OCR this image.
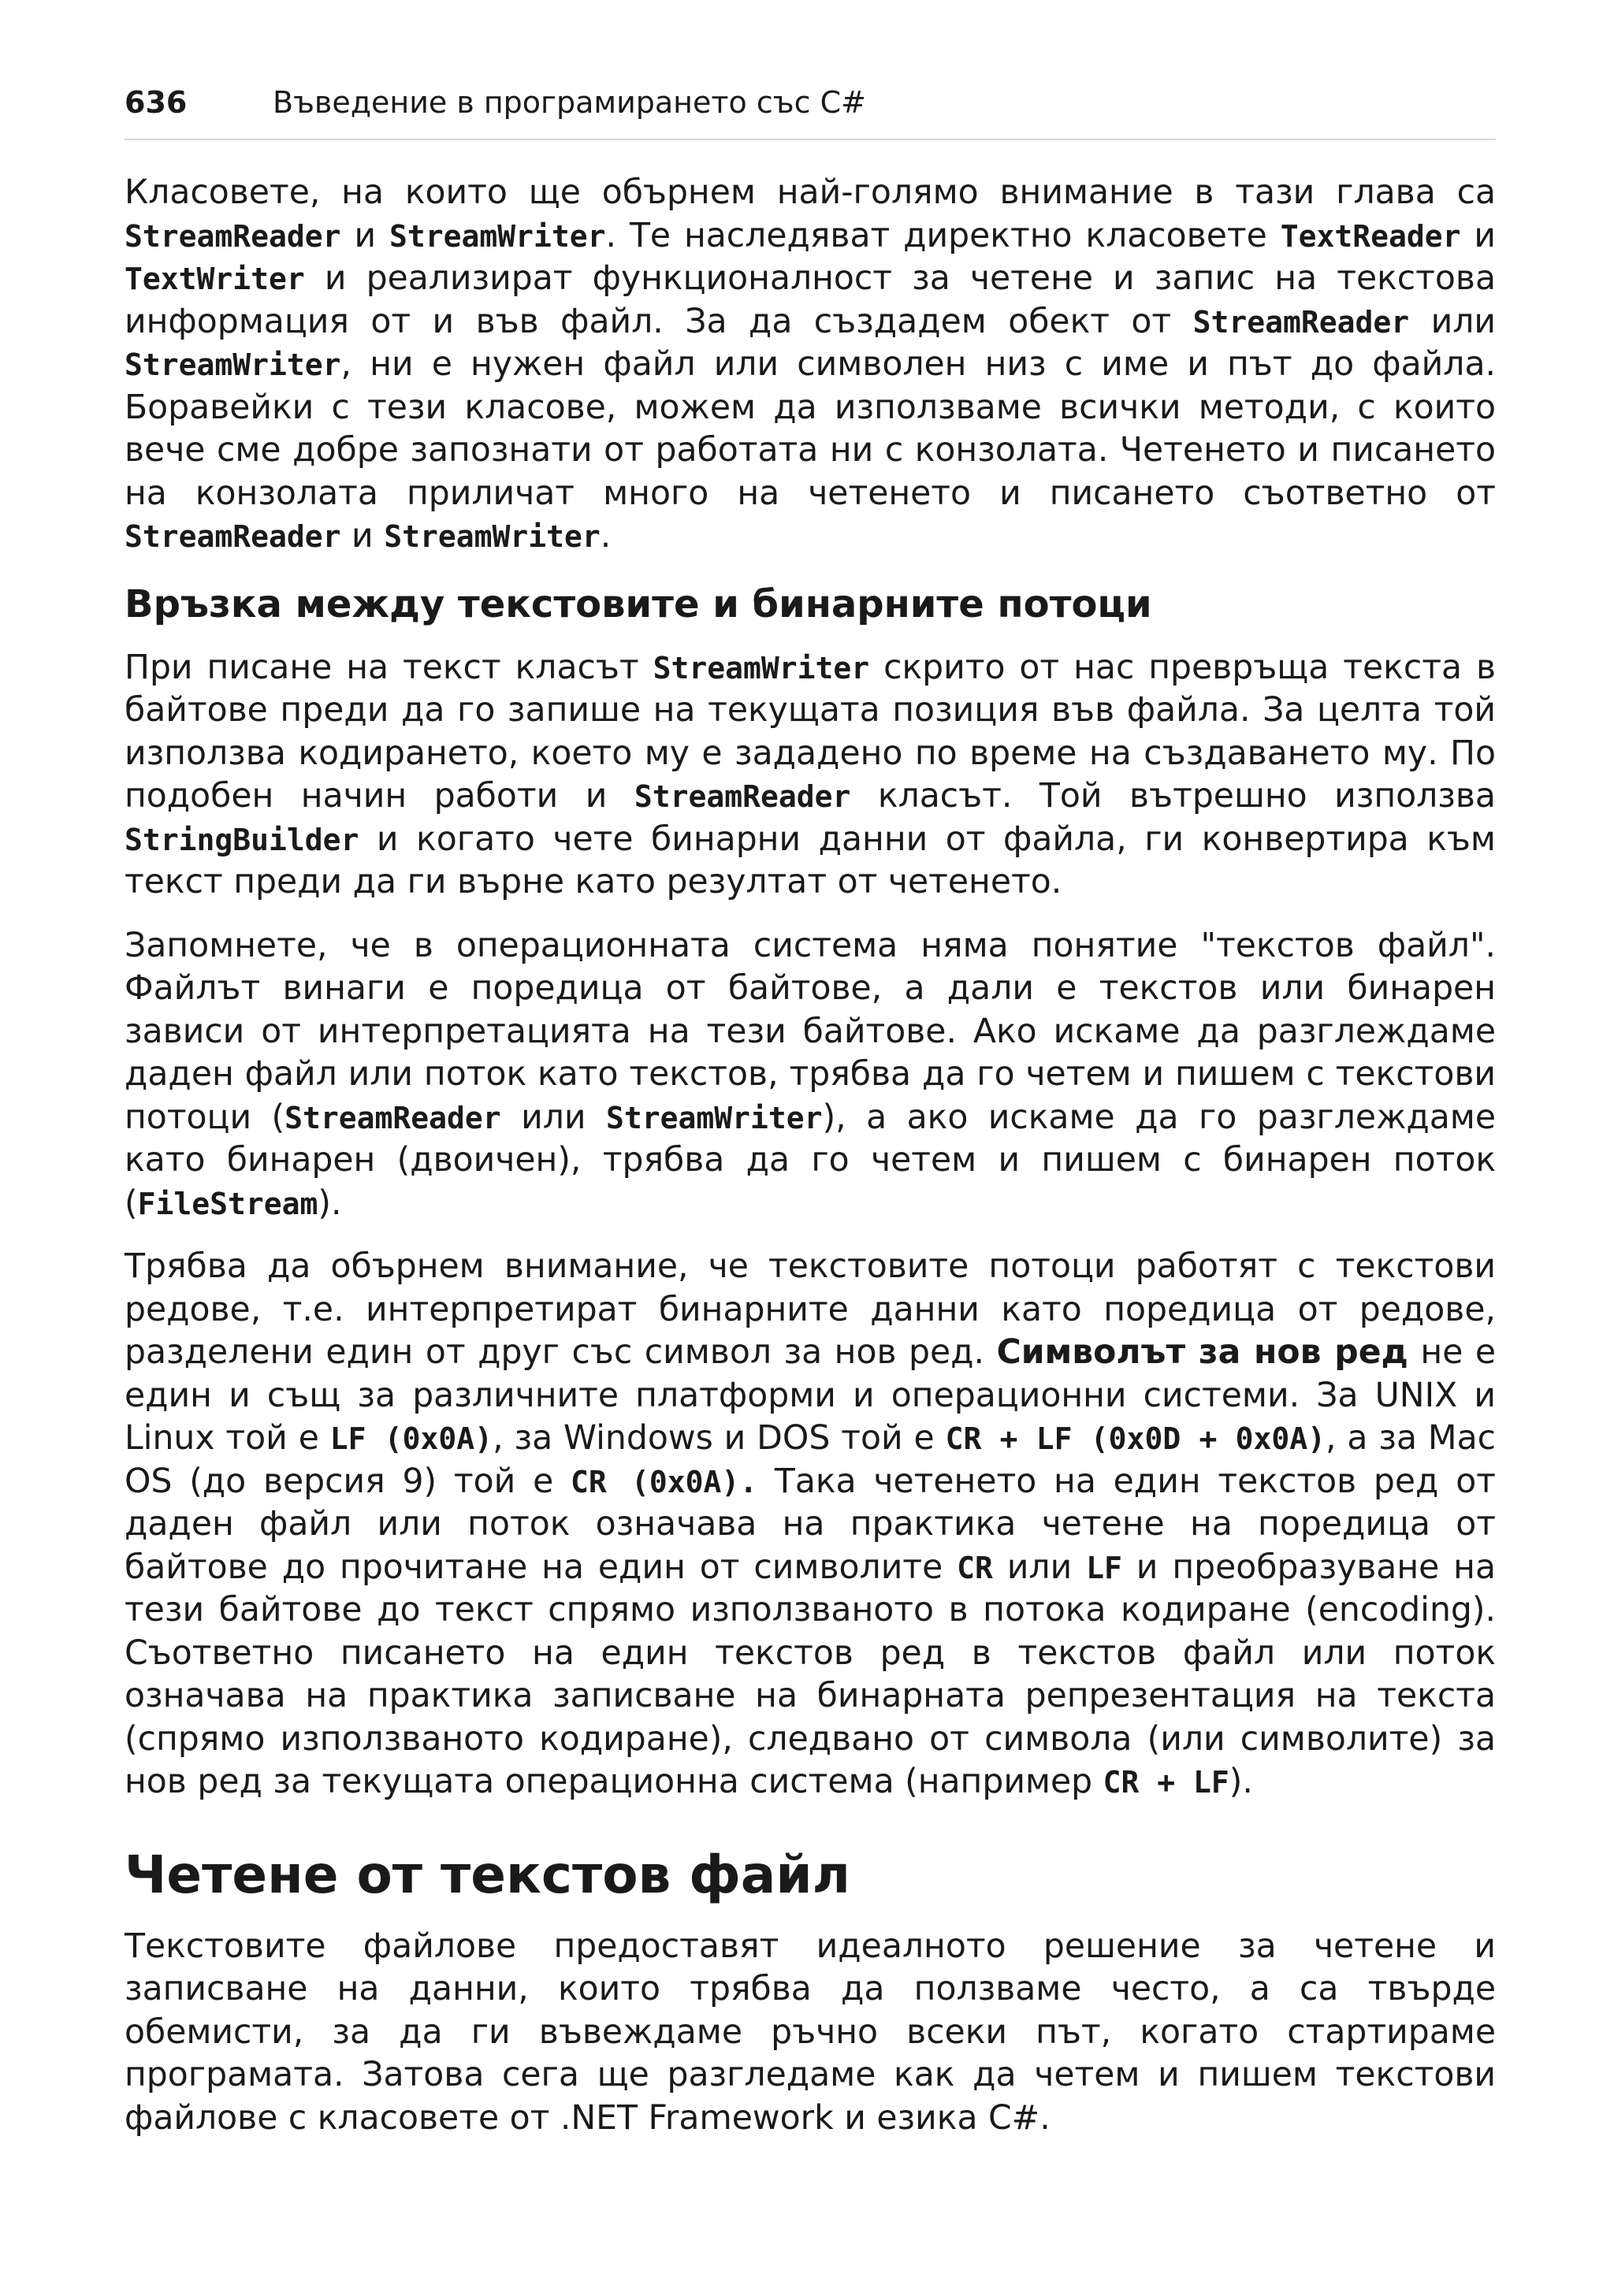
636	Въведение в програмирането със C#

Класовете, на които ще обърнем най-голямо внимание в тази глава са StreamReader и StreamWriter. Те наследяват директно класовете TextReader и TextWriter и реализират функционалност за четене и запис на текстова информация от и във файл. За да създадем обект от StreamReader или StreamWriter, ни е нужен файл или символен низ с име и път до файла. Боравейки с тези класове, можем да използваме всички методи, с които вече сме добре запознати от работата ни с конзолата. Четенето и писането на конзолата приличат много на четенето и писането съответно от StreamReader и StreamWriter.

Връзка между текстовите и бинарните потоци

При писане на текст класът StreamWriter скрито от нас превръща текста в байтове преди да го запише на текущата позиция във файла. За целта той използва кодирането, което му е зададено по време на създаването му. По подобен начин работи и StreamReader класът. Той вътрешно използва StringBuilder и когато чете бинарни данни от файла, ги конвертира към текст преди да ги върне като резултат от четенето.

Запомнете, че в операционната система няма понятие "текстов файл". Файлът винаги е поредица от байтове, а дали е текстов или бинарен зависи от интерпретацията на тези байтове. Ако искаме да разглеждаме даден файл или поток като текстов, трябва да го четем и пишем с текстови потоци (StreamReader или StreamWriter), а ако искаме да го разглеждаме като бинарен (двоичен), трябва да го четем и пишем с бинарен поток (FileStream).

Трябва да обърнем внимание, че текстовите потоци работят с текстови редове, т.е. интерпретират бинарните данни като поредица от редове, разделени един от друг със символ за нов ред. Символът за нов ред не е един и същ за различните платформи и операционни системи. За UNIX и Linux той е LF (0x0A), за Windows и DOS той е CR + LF (0x0D + 0x0A), а за Mac OS (до версия 9) той е CR (0x0A). Така четенето на един текстов ред от даден файл или поток означава на практика четене на поредица от байтове до прочитане на един от символите CR или LF и преобразуване на тези байтове до текст спрямо използваното в потока кодиране (encoding). Съответно писането на един текстов ред в текстов файл или поток означава на практика записване на бинарната репрезентация на текста (спрямо използваното кодиране), следвано от символа (или символите) за нов ред за текущата операционна система (например CR + LF).

Четене от текстов файл

Текстовите файлове предоставят идеалното решение за четене и записване на данни, които трябва да ползваме често, а са твърде обемисти, за да ги въвеждаме ръчно всеки път, когато стартираме програмата. Затова сега ще разгледаме как да четем и пишем текстови файлове с класовете от .NET Framework и езика C#.
